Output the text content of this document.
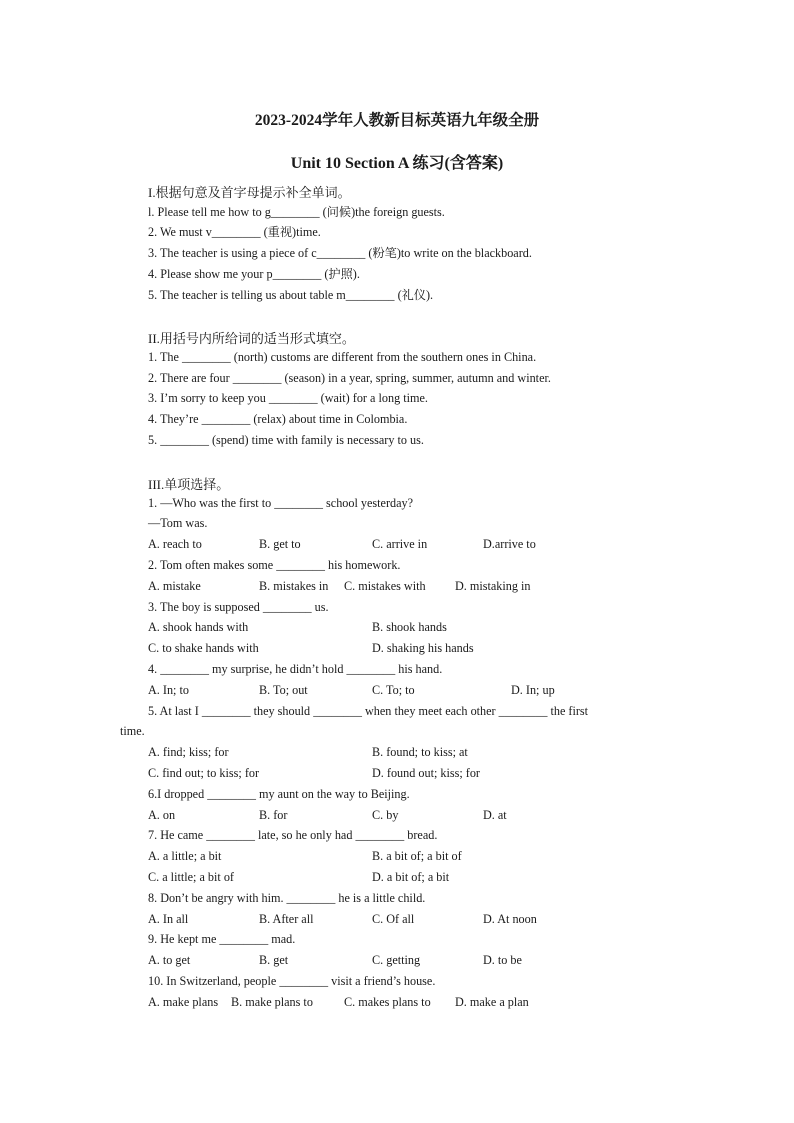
2023-2024学年人教新目标英语九年级全册
Unit 10 Section A 练习(含答案)
I.根据句意及首字母提示补全单词。
l. Please tell me how to g________ (问候)the foreign guests.
2. We must v________ (重视)time.
3. The teacher is using a piece of c________ (粉笔)to write on the blackboard.
4. Please show me your p________ (护照).
5. The teacher is telling us about table m________ (礼仪).
II.用括号内所给词的适当形式填空。
1. The ________ (north) customs are different from the southern ones in China.
2. There are four ________ (season) in a year, spring, summer, autumn and winter.
3. I’m sorry to keep you ________ (wait) for a long time.
4. They’re ________ (relax) about time in Colombia.
5. ________ (spend) time with family is necessary to us.
III.单项选择。
1. —Who was the first to ________ school yesterday?
—Tom was.
A. reach to	B. get to	C. arrive in	D.arrive to
2. Tom often makes some ________ his homework.
A. mistake	B. mistakes in C. mistakes with D. mistaking in
3. The boy is supposed ________ us.
A. shook hands with	B. shook hands
C. to shake hands with	D. shaking his hands
4. ________ my surprise, he didn’t hold ________ his hand.
A. In; to	B. To; out	C. To; to	D. In; up
5. At last I ________ they should ________ when they meet each other ________ the first
time.
A. find; kiss; for	B. found; to kiss; at
C. find out; to kiss; for	D. found out; kiss; for
6.I dropped ________ my aunt on the way to Beijing.
A. on	B. for	C. by	D. at
7. He came ________ late, so he only had ________ bread.
A. a little; a bit	B. a bit of; a bit of
C. a little; a bit of	D. a bit of; a bit
8. Don’t be angry with him. ________ he is a little child.
A. In all	B. After all	C. Of all	D. At noon
9. He kept me ________ mad.
A. to get	B. get	C. getting	D. to be
10. In Switzerland, people ________ visit a friend’s house.
A. make plans B. make plans to	C. makes plans to D. make a plan
